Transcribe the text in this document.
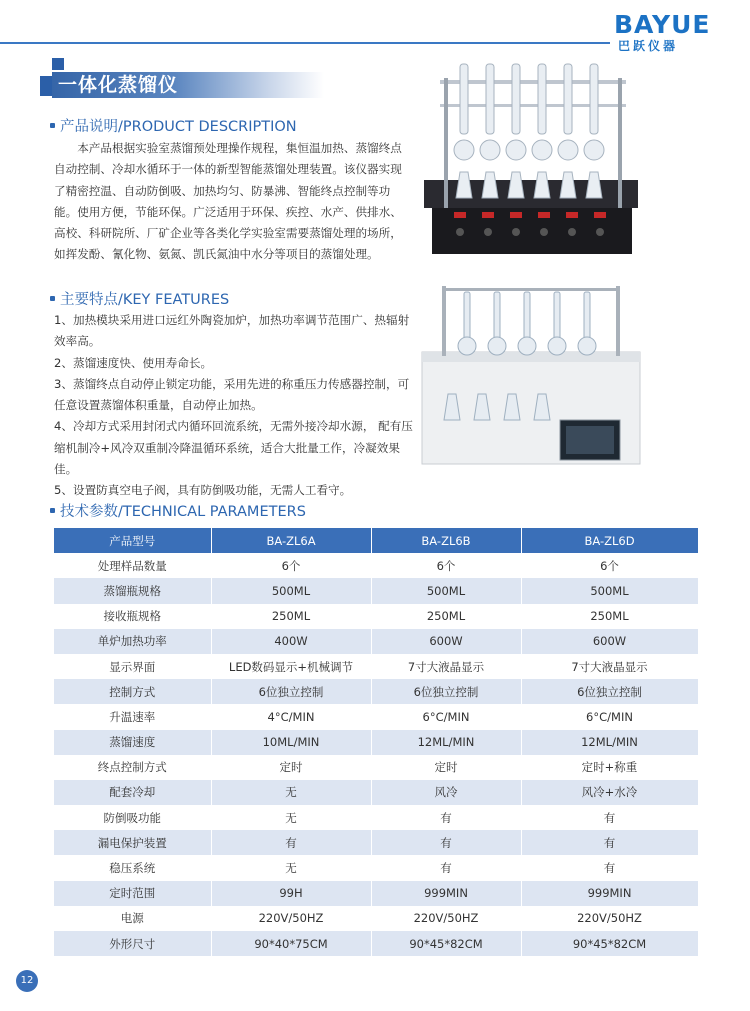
BAYUE
巴跃仪器
一体化蒸馏仪
产品说明/PRODUCT DESCRIPTION
本产品根据实验室蒸馏预处理操作规程，集恒温加热、蒸馏终点自动控制、冷却水循环于一体的新型智能蒸馏处理装置。该仪器实现了精密控温、自动防倒吸、加热均匀、防暴沸、智能终点控制等功能。使用方便，节能环保。广泛适用于环保、疾控、水产、供排水、高校、科研院所、厂矿企业等各类化学实验室需要蒸馏处理的场所，如挥发酚、氰化物、氨氮、凯氏氮油中水分等项目的蒸馏处理。
主要特点/KEY FEATURES

1、加热模块采用进口远红外陶瓷加炉，加热功率调节范围广、热辐射效率高。

2、蒸馏速度快、使用寿命长。

3、蒸馏终点自动停止锁定功能，采用先进的称重压力传感器控制，可任意设置蒸馏体积重量，自动停止加热。

4、冷却方式采用封闭式内循环回流系统，无需外接冷却水源， 配有压缩机制冷+风冷双重制冷降温循环系统，适合大批量工作，冷凝效果佳。

5、设置防真空电子阀，具有防倒吸功能，无需人工看守。

技术参数/TECHNICAL PARAMETERS
产品型号	BA-ZL6A	BA-ZL6B	BA-ZL6D
处理样品数量	6个	6个	6个
蒸馏瓶规格	500ML	500ML	500ML
接收瓶规格	250ML	250ML	250ML
单炉加热功率	400W	600W	600W
显示界面	LED数码显示+机械调节	7寸大液晶显示	7寸大液晶显示
控制方式	6位独立控制	6位独立控制	6位独立控制
升温速率	4°C/MIN	6°C/MIN	6°C/MIN
蒸馏速度	10ML/MIN	12ML/MIN	12ML/MIN
终点控制方式	定时	定时	定时+称重
配套冷却	无	风冷	风冷+水冷
防倒吸功能	无	有	有
漏电保护装置	有	有	有
稳压系统	无	有	有
定时范围	99H	999MIN	999MIN
电源	220V/50HZ	220V/50HZ	220V/50HZ
外形尺寸	90*40*75CM	90*45*82CM	90*45*82CM
12
